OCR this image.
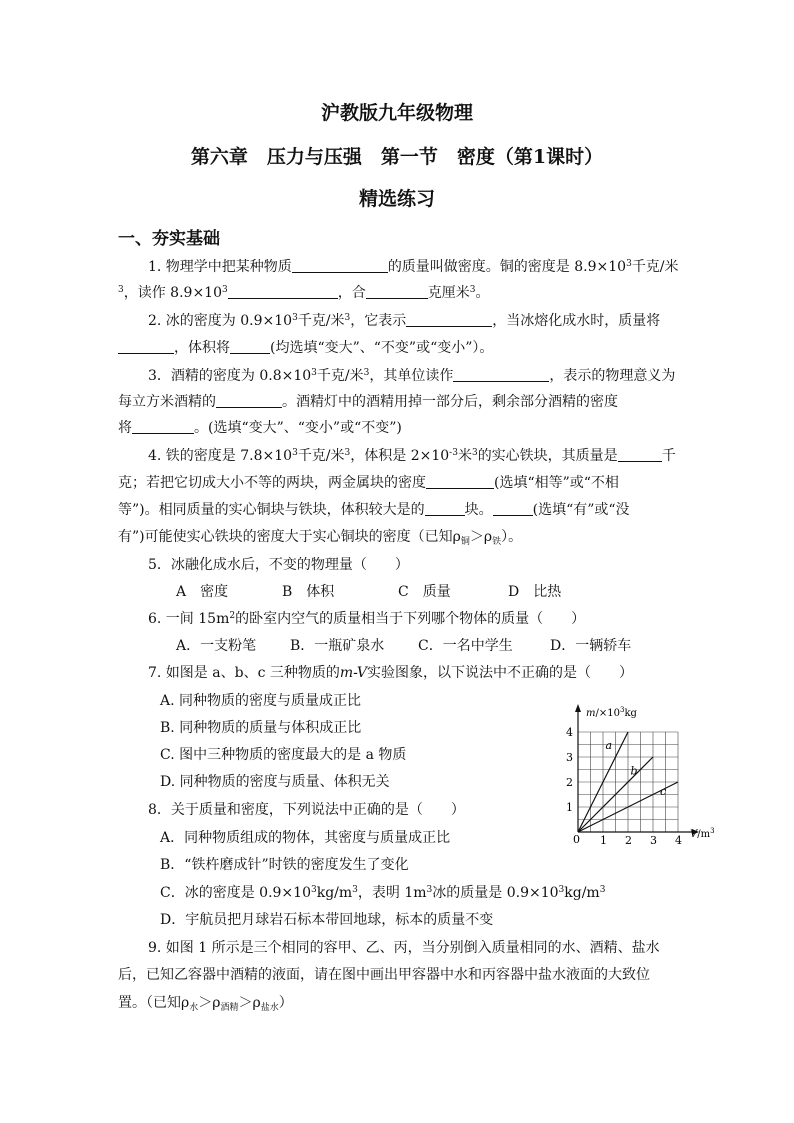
沪教版九年级物理
第六章　压力与压强　第一节　密度（第1课时）
精选练习
一、夯实基础
1. 物理学中把某种物质	的质量叫做密度。铜的密度是 $8.9\times 10^3$千克/米
$^3$，读作 $8.9\times 10^3$	，合	克厘米$^3$。
2. 冰的密度为 $0.9\times 10^3$千克/米$^3$，它表示	，当冰熔化成水时，质量将
，体积将	(均选填“变大”、“不变”或“变小”）。
3．酒精的密度为 $0.8\times 10^3$千克/米$^3$，其单位读作	，表示的物理意义为
每立方米酒精的	。酒精灯中的酒精用掉一部分后，剩余部分酒精的密度
将	。(选填“变大”、“变小”或“不变”)
4. 铁的密度是 $7.8\times 10^3$千克/米$^3$，体积是 $2\times 10^{-3}$米$^3$的实心铁块，其质量是	千
克；若把它切成大小不等的两块，两金属块的密度	(选填“相等”或“不相
等”)。相同质量的实心铜块与铁块，体积较大是的	块。	(选填“有”或“没
有”)可能使实心铁块的密度大于实心铜块的密度（已知$\rho_铜>\rho_铁$）。
5．冰融化成水后，不变的物理量（　　）
A　密度	B　体积	C　质量	D　比热
6. 一间 $15m^2$的卧室内空气的质量相当于下列哪个物体的质量（　　）
A．一支粉笔 B．一瓶矿泉水 C．一名中学生	D．一辆轿车
7. 如图是 a、b、c 三种物质的m-V实验图象，以下说法中不正确的是（　　）
A. 同种物质的密度与质量成正比
B. 同种物质的质量与体积成正比
C. 图中三种物质的密度最大的是 a 物质
D. 同种物质的密度与质量、体积无关
8．关于质量和密度，下列说法中正确的是（　　）
A．同种物质组成的物体，其密度与质量成正比
B．“铁杵磨成针”时铁的密度发生了变化
C．冰的密度是 $0.9\times 10^3kg/m^3$，表明 $1m^3$冰的质量是 $0.9\times 10^3kg/m^3$
D．宇航员把月球岩石标本带回地球，标本的质量不变
9. 如图 1 所示是三个相同的容甲、乙、丙，当分别倒入质量相同的水、酒精、盐水
后，已知乙容器中酒精的液面，请在图中画出甲容器中水和丙容器中盐水液面的大致位
置。（已知$\rho_水>\rho_{酒精}>\rho_{盐水}$）
a
b
c
1 2 3 4
1
2
3
4
$m/\times 10^3kg$
$V/m^3$
0
